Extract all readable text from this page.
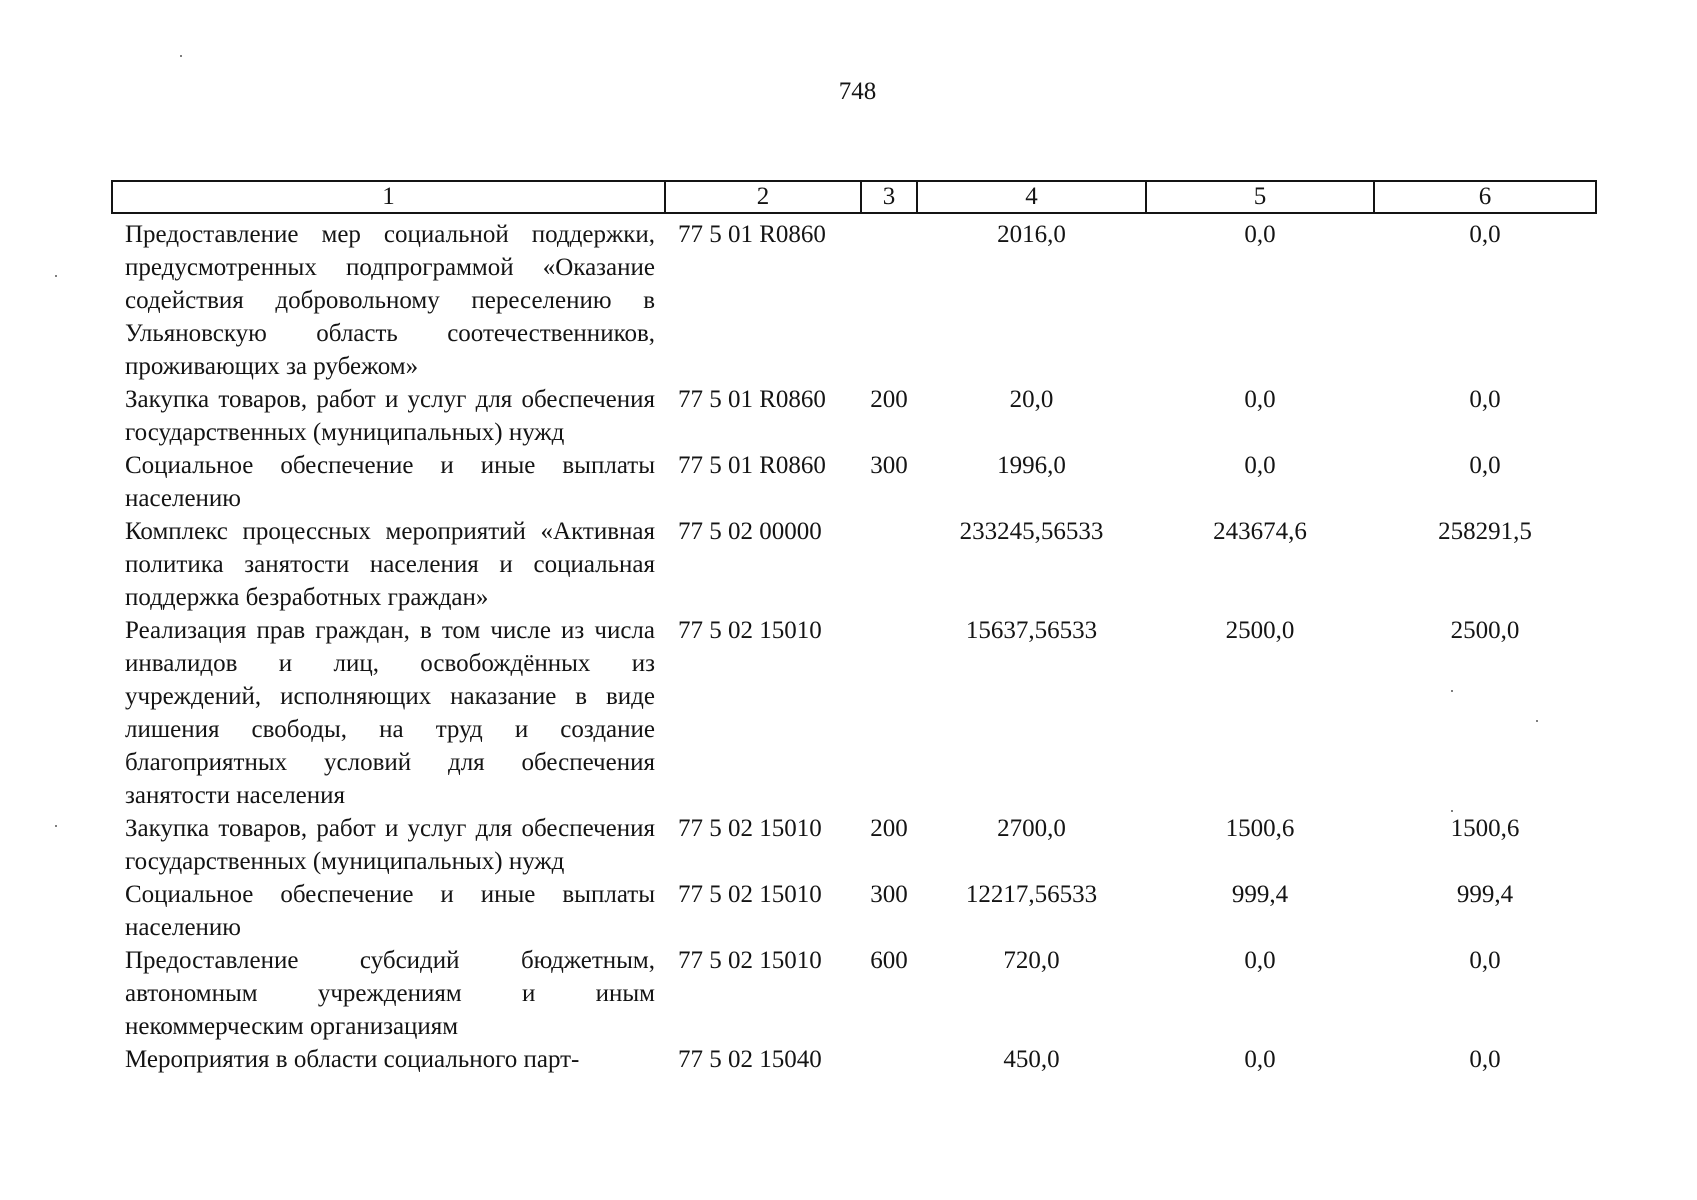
748
1	2	3	4	5	6
Предоставление мер социальной поддержки, предусмотренных подпрограммой «Оказание содействия добровольному переселению в Ульяновскую область соотечественников, проживающих за рубежом»	77 5 01 R0860		2016,0	0,0	0,0
Закупка товаров, работ и услуг для обеспечения государственных (муниципальных) нужд	77 5 01 R0860	200	20,0	0,0	0,0
Социальное обеспечение и иные выплаты населению	77 5 01 R0860	300	1996,0	0,0	0,0
Комплекс процессных мероприятий «Активная политика занятости населения и социальная поддержка безработных граждан»	77 5 02 00000		233245,56533	243674,6	258291,5
Реализация прав граждан, в том числе из числа инвалидов и лиц, освобождённых из учреждений, исполняющих наказание в виде лишения свободы, на труд и создание благоприятных условий для обеспечения занятости населения	77 5 02 15010		15637,56533	2500,0	2500,0
Закупка товаров, работ и услуг для обеспечения государственных (муниципальных) нужд	77 5 02 15010	200	2700,0	1500,6	1500,6
Социальное обеспечение и иные выплаты населению	77 5 02 15010	300	12217,56533	999,4	999,4
Предоставление субсидий бюджетным, автономным учреждениям и иным некоммерческим организациям	77 5 02 15010	600	720,0	0,0	0,0
Мероприятия в области социального парт-	77 5 02 15040		450,0	0,0	0,0
